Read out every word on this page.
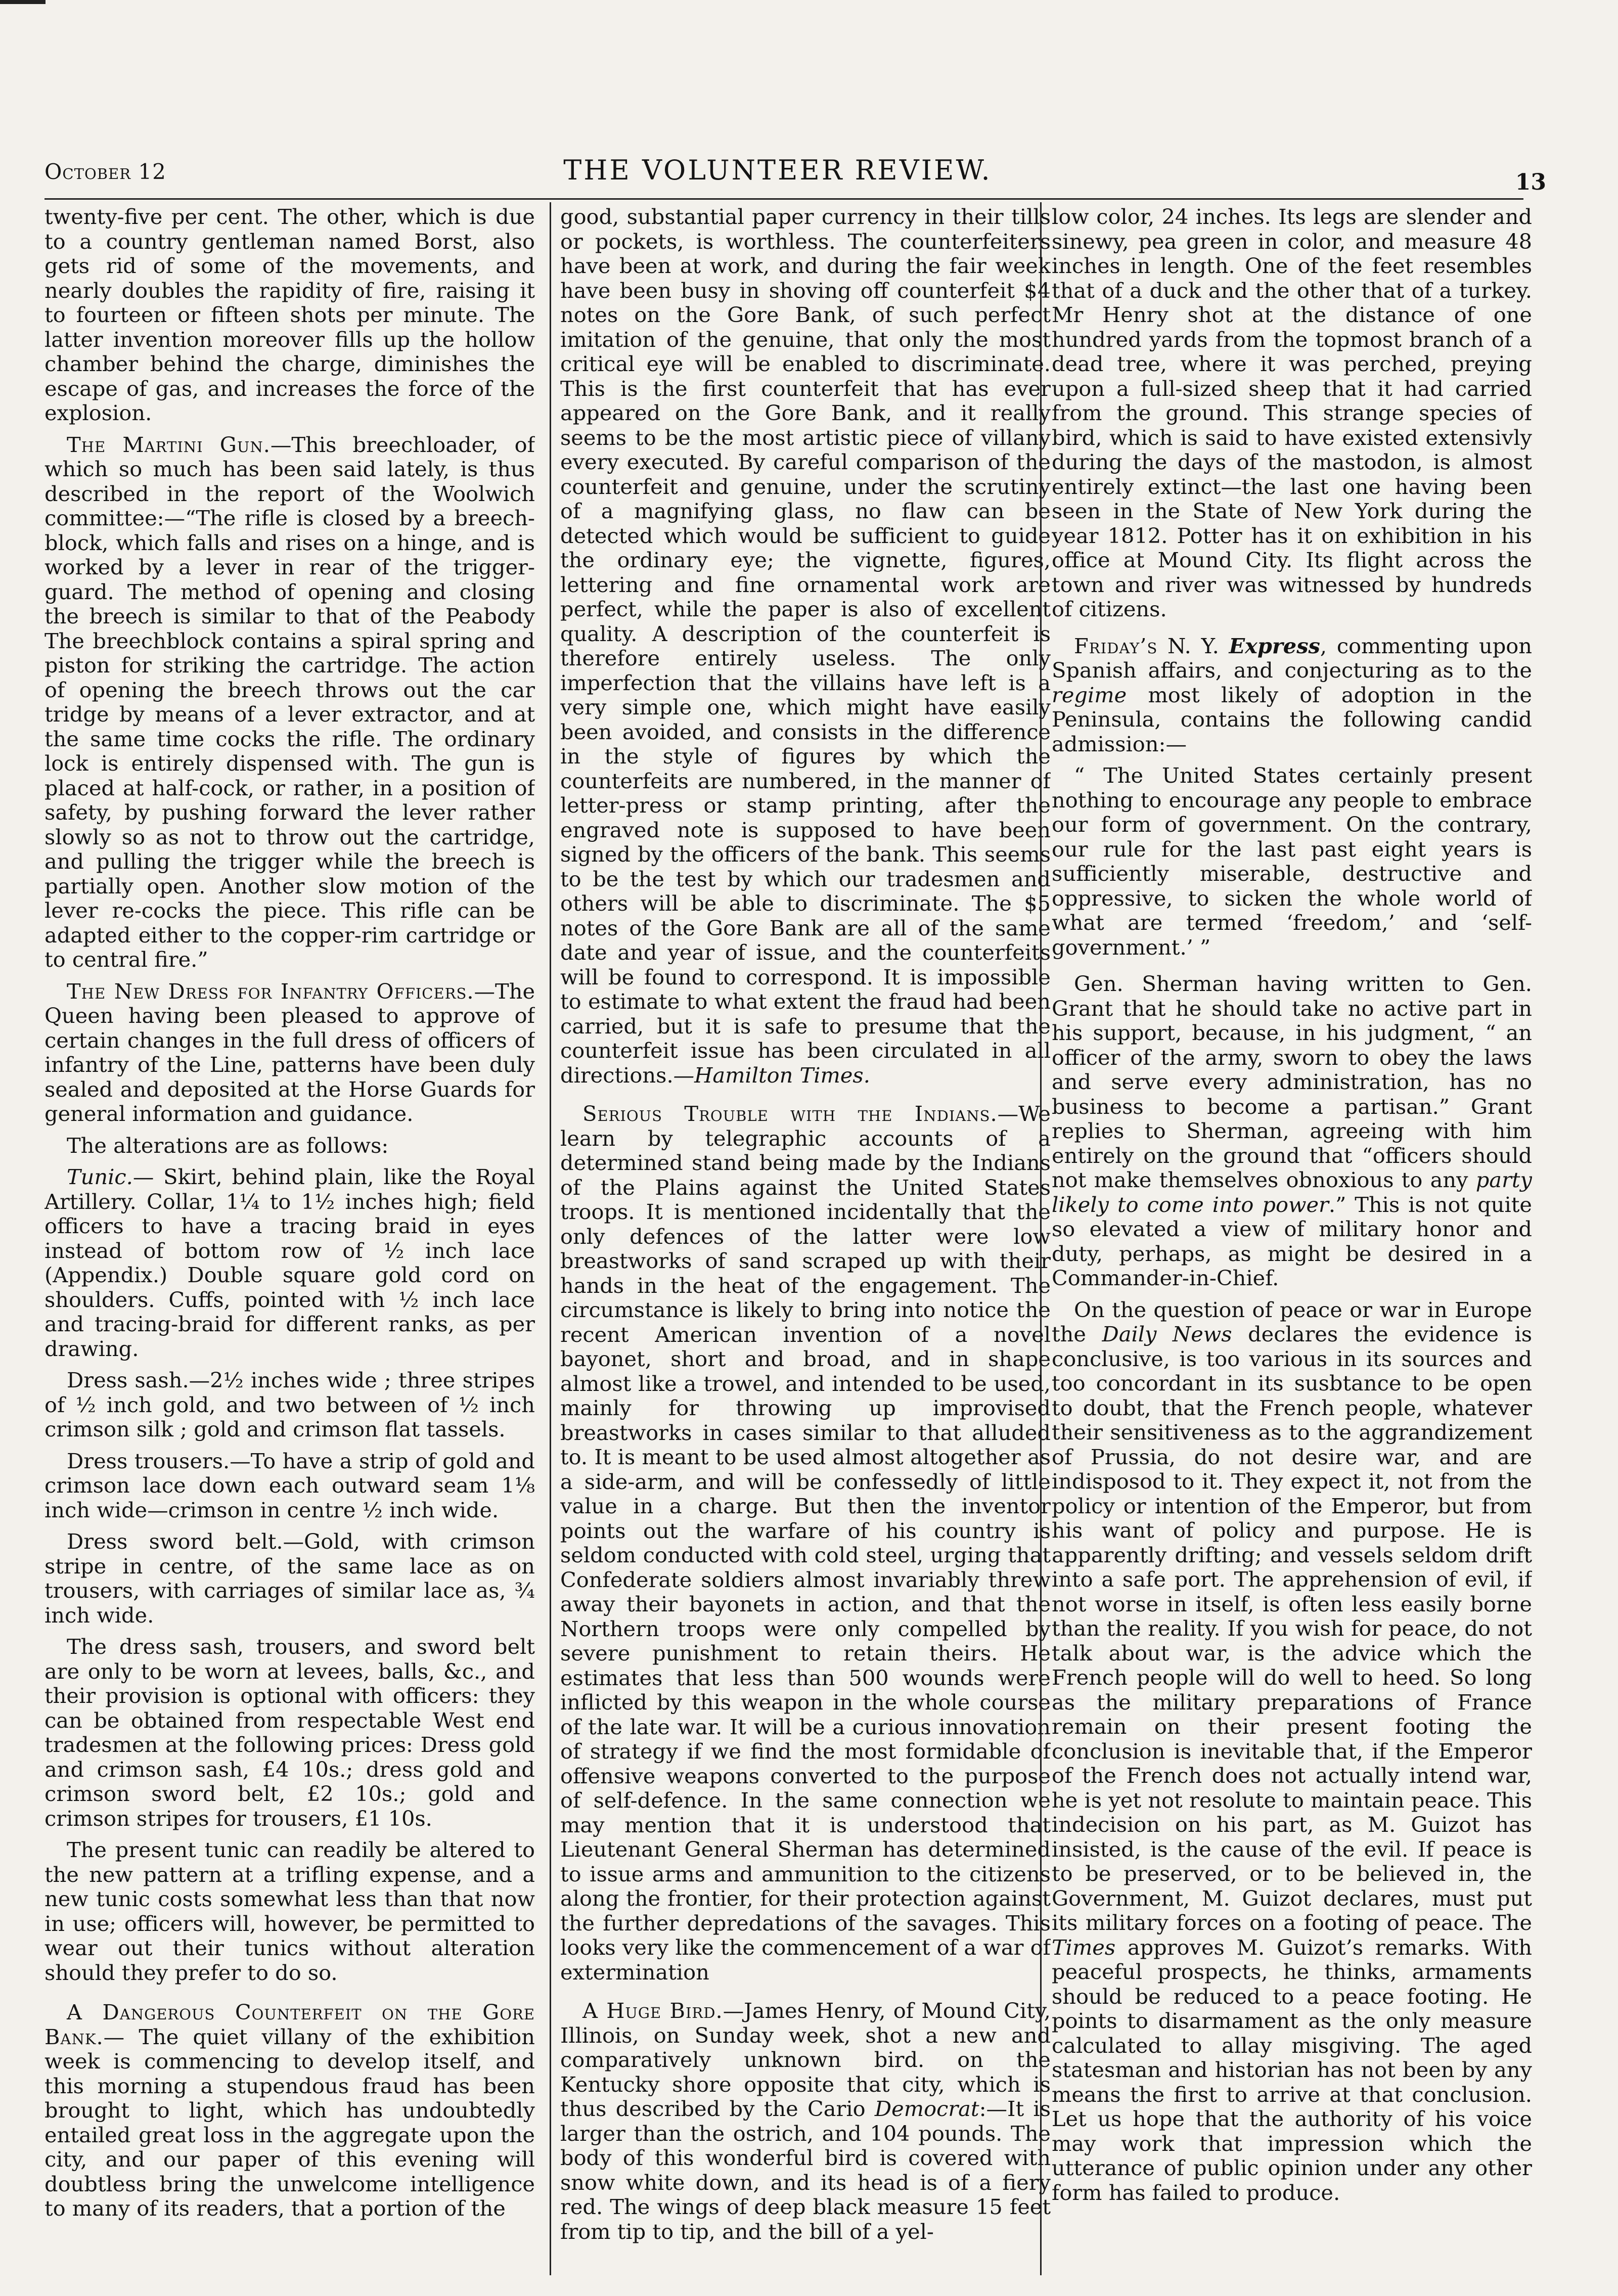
October 12	THE VOLUNTEER REVIEW.	13

twenty-five per cent. The other, which is due to a country gentleman named Borst, also gets rid of some of the movements, and nearly doubles the rapidity of fire, raising it to fourteen or fifteen shots per minute. The latter invention moreover fills up the hollow chamber behind the charge, diminishes the escape of gas, and increases the force of the explosion.

The Martini Gun.—This breechloader, of which so much has been said lately, is thus described in the report of the Woolwich committee:—“The rifle is closed by a breech-block, which falls and rises on a hinge, and is worked by a lever in rear of the trigger-guard. The method of opening and closing the breech is similar to that of the Peabody The breechblock contains a spiral spring and piston for striking the cartridge. The action of opening the breech throws out the car tridge by means of a lever extractor, and at the same time cocks the rifle. The ordinary lock is entirely dispensed with. The gun is placed at half-cock, or rather, in a position of safety, by pushing forward the lever rather slowly so as not to throw out the cartridge, and pulling the trigger while the breech is partially open. Another slow motion of the lever re-cocks the piece. This rifle can be adapted either to the copper-rim cartridge or to central fire.”

The New Dress for Infantry Officers.—The Queen having been pleased to approve of certain changes in the full dress of officers of infantry of the Line, patterns have been duly sealed and deposited at the Horse Guards for general information and guidance.

The alterations are as follows:

Tunic.— Skirt, behind plain, like the Royal Artillery. Collar, 1¼ to 1½ inches high; field officers to have a tracing braid in eyes instead of bottom row of ½ inch lace (Appendix.) Double square gold cord on shoulders. Cuffs, pointed with ½ inch lace and tracing-braid for different ranks, as per drawing.

Dress sash.—2½ inches wide ; three stripes of ½ inch gold, and two between of ½ inch crimson silk ; gold and crimson flat tassels.

Dress trousers.—To have a strip of gold and crimson lace down each outward seam 1⅛ inch wide—crimson in centre ½ inch wide.

Dress sword belt.—Gold, with crimson stripe in centre, of the same lace as on trousers, with carriages of similar lace as, ¾ inch wide.

The dress sash, trousers, and sword belt are only to be worn at levees, balls, &c., and their provision is optional with officers: they can be obtained from respectable West end tradesmen at the following prices: Dress gold and crimson sash, £4 10s.; dress gold and crimson sword belt, £2 10s.; gold and crimson stripes for trousers, £1 10s.

The present tunic can readily be altered to the new pattern at a trifling expense, and a new tunic costs somewhat less than that now in use; officers will, however, be permitted to wear out their tunics without alteration should they prefer to do so.

A Dangerous Counterfeit on the Gore Bank.— The quiet villany of the exhibition week is commencing to develop itself, and this morning a stupendous fraud has been brought to light, which has undoubtedly entailed great loss in the aggregate upon the city, and our paper of this evening will doubtless bring the unwelcome intelligence to many of its readers, that a portion of the

good, substantial paper currency in their tills or pockets, is worthless. The counterfeiters have been at work, and during the fair week have been busy in shoving off counterfeit $4 notes on the Gore Bank, of such perfect imitation of the genuine, that only the most critical eye will be enabled to discriminate. This is the first counterfeit that has ever appeared on the Gore Bank, and it really seems to be the most artistic piece of villany every executed. By careful comparison of the counterfeit and genuine, under the scrutiny of a magnifying glass, no flaw can be detected which would be sufficient to guide the ordinary eye; the vignette, figures, lettering and fine ornamental work are perfect, while the paper is also of excellent quality. A description of the counterfeit is therefore entirely useless. The only imperfection that the villains have left is a very simple one, which might have easily been avoided, and consists in the difference in the style of figures by which the counterfeits are numbered, in the manner of letter-press or stamp printing, after the engraved note is supposed to have been signed by the officers of the bank. This seems to be the test by which our tradesmen and others will be able to discriminate. The $5 notes of the Gore Bank are all of the same date and year of issue, and the counterfeits will be found to correspond. It is impossible to estimate to what extent the fraud had been carried, but it is safe to presume that the counterfeit issue has been circulated in all directions.—Hamilton Times.

Serious Trouble with the Indians.—We learn by telegraphic accounts of a determined stand being made by the Indians of the Plains against the United States troops. It is mentioned incidentally that the only defences of the latter were low breastworks of sand scraped up with their hands in the heat of the engagement. The circumstance is likely to bring into notice the recent American invention of a novel bayonet, short and broad, and in shape almost like a trowel, and intended to be used, mainly for throwing up improvised breastworks in cases similar to that alluded to. It is meant to be used almost altogether as a side-arm, and will be confessedly of little value in a charge. But then the inventor points out the warfare of his country is seldom conducted with cold steel, urging that Confederate soldiers almost invariably threw away their bayonets in action, and that the Northern troops were only compelled by severe punishment to retain theirs. He estimates that less than 500 wounds were inflicted by this weapon in the whole course of the late war. It will be a curious innovation of strategy if we find the most formidable of offensive weapons converted to the purpose of self-defence. In the same connection we may mention that it is understood that Lieutenant General Sherman has determined to issue arms and ammunition to the citizens along the frontier, for their protection against the further depredations of the savages. This looks very like the commencement of a war of extermination

A Huge Bird.—James Henry, of Mound City, Illinois, on Sunday week, shot a new and comparatively unknown bird. on the Kentucky shore opposite that city, which is thus described by the Cario Democrat:—It is larger than the ostrich, and 104 pounds. The body of this wonderful bird is covered with snow white down, and its head is of a fiery red. The wings of deep black measure 15 feet from tip to tip, and the bill of a yel-

low color, 24 inches. Its legs are slender and sinewy, pea green in color, and measure 48 inches in length. One of the feet resembles that of a duck and the other that of a turkey. Mr Henry shot at the distance of one hundred yards from the topmost branch of a dead tree, where it was perched, preying upon a full-sized sheep that it had carried from the ground. This strange species of bird, which is said to have existed extensivly during the days of the mastodon, is almost entirely extinct—the last one having been seen in the State of New York during the year 1812. Potter has it on exhibition in his office at Mound City. Its flight across the town and river was witnessed by hundreds of citizens.

Friday’s N. Y. Express, commenting upon Spanish affairs, and conjecturing as to the regime most likely of adoption in the Peninsula, contains the following candid admission:—

“ The United States certainly present nothing to encourage any people to embrace our form of government. On the contrary, our rule for the last past eight years is sufficiently miserable, destructive and oppressive, to sicken the whole world of what are termed ‘freedom,’ and ‘self-government.’ ”

Gen. Sherman having written to Gen. Grant that he should take no active part in his support, because, in his judgment, “ an officer of the army, sworn to obey the laws and serve every administration, has no business to become a partisan.” Grant replies to Sherman, agreeing with him entirely on the ground that “officers should not make themselves obnoxious to any party likely to come into power.” This is not quite so elevated a view of military honor and duty, perhaps, as might be desired in a Commander-in-Chief.

On the question of peace or war in Europe the Daily News declares the evidence is conclusive, is too various in its sources and too concordant in its susbtance to be open to doubt, that the French people, whatever their sensitiveness as to the aggrandizement of Prussia, do not desire war, and are indisposod to it. They expect it, not from the policy or intention of the Emperor, but from his want of policy and purpose. He is apparently drifting; and vessels seldom drift into a safe port. The apprehension of evil, if not worse in itself, is often less easily borne than the reality. If you wish for peace, do not talk about war, is the advice which the French people will do well to heed. So long as the military preparations of France remain on their present footing the conclusion is inevitable that, if the Emperor of the French does not actually intend war, he is yet not resolute to maintain peace. This indecision on his part, as M. Guizot has insisted, is the cause of the evil. If peace is to be preserved, or to be believed in, the Government, M. Guizot declares, must put its military forces on a footing of peace. The Times approves M. Guizot’s remarks. With peaceful prospects, he thinks, armaments should be reduced to a peace footing. He points to disarmament as the only measure calculated to allay misgiving. The aged statesman and historian has not been by any means the first to arrive at that conclusion. Let us hope that the authority of his voice may work that impression which the utterance of public opinion under any other form has failed to produce.
